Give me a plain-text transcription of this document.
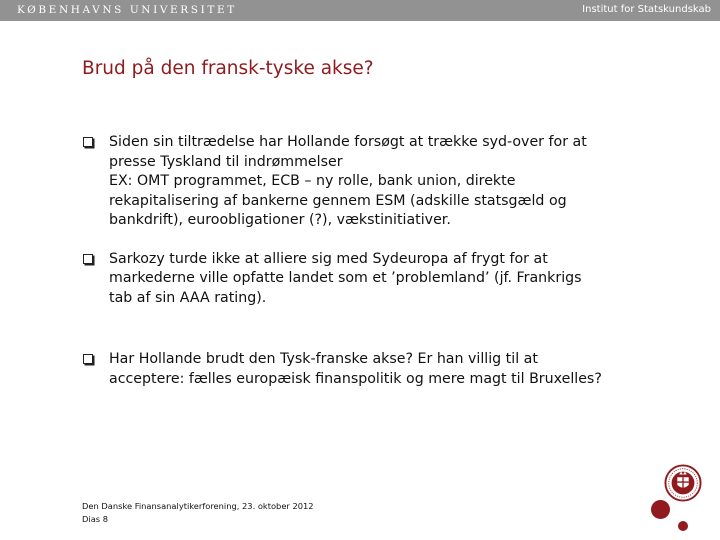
KØBENHAVNS UNIVERSITET	Institut for Statskundskab
Brud på den fransk-tyske akse?
Siden sin tiltrædelse har Hollande forsøgt at trække syd-over for at presse Tyskland til indrømmelser
EX: OMT programmet, ECB – ny rolle, bank union, direkte rekapitalisering af bankerne gennem ESM (adskille statsgæld og bankdrift), euroobligationer (?), vækstinitiativer.
Sarkozy turde ikke at alliere sig med Sydeuropa af frygt for at markederne ville opfatte landet som et ’problemland’ (jf. Frankrigs tab af sin AAA rating).
Har Hollande brudt den Tysk-franske akse? Er han villig til at acceptere: fælles europæisk finanspolitik og mere magt til Bruxelles?
Den Danske Finansanalytikerforening, 23. oktober 2012
Dias 8
